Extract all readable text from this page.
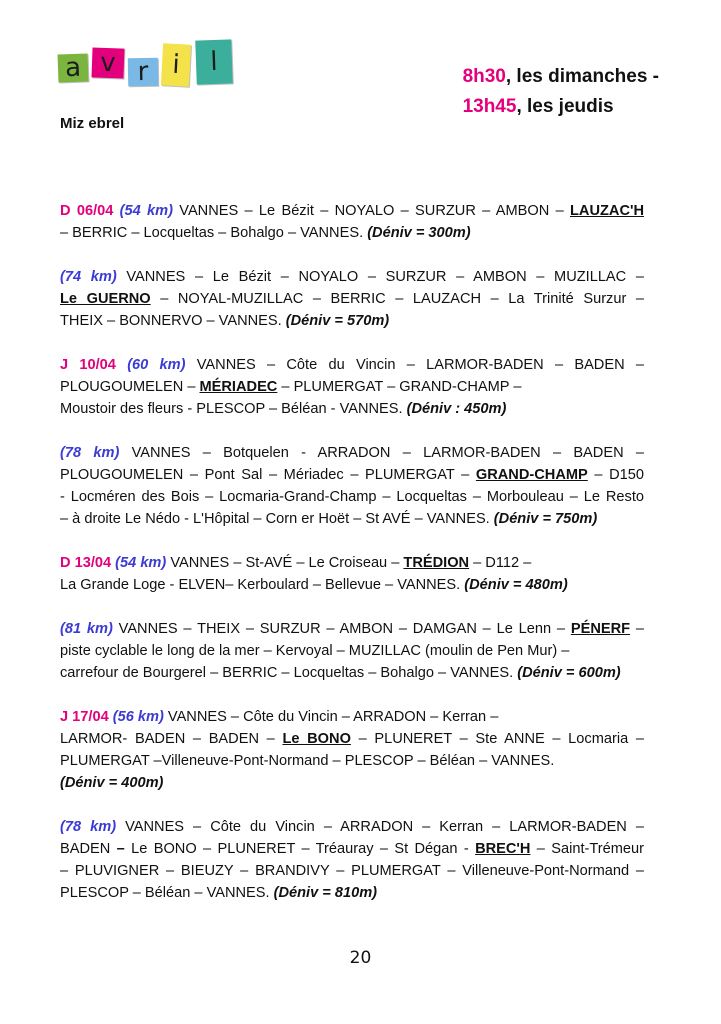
a v r i	l
Miz ebrel
8h30, les dimanches -
13h45, les jeudis
D 06/04 (54 km) VANNES – Le Bézit – NOYALO – SURZUR – AMBON – LAUZAC'H
– BERRIC – Locqueltas – Bohalgo – VANNES. (Déniv = 300m)
(74 km) VANNES – Le Bézit – NOYALO – SURZUR – AMBON – MUZILLAC –
Le GUERNO – NOYAL-MUZILLAC – BERRIC – LAUZACH – La Trinité Surzur –
THEIX – BONNERVO – VANNES. (Déniv = 570m)
J 10/04 (60 km) VANNES – Côte du Vincin – LARMOR-BADEN – BADEN –
PLOUGOUMELEN – MÉRIADEC – PLUMERGAT – GRAND-CHAMP –
Moustoir des fleurs - PLESCOP – Béléan - VANNES. (Déniv : 450m)
(78 km) VANNES – Botquelen - ARRADON – LARMOR-BADEN – BADEN –
PLOUGOUMELEN – Pont Sal – Mériadec – PLUMERGAT – GRAND-CHAMP – D150
- Locméren des Bois – Locmaria-Grand-Champ – Locqueltas – Morbouleau – Le Resto
– à droite Le Nédo - L'Hôpital – Corn er Hoët – St AVÉ – VANNES. (Déniv = 750m)
D 13/04 (54 km) VANNES – St-AVÉ – Le Croiseau – TRÉDION – D112 –
La Grande Loge - ELVEN– Kerboulard – Bellevue – VANNES. (Déniv = 480m)
(81 km) VANNES – THEIX – SURZUR – AMBON – DAMGAN – Le Lenn – PÉNERF –
piste cyclable le long de la mer – Kervoyal – MUZILLAC (moulin de Pen Mur) –
carrefour de Bourgerel – BERRIC – Locqueltas – Bohalgo – VANNES. (Déniv = 600m)
J 17/04 (56 km) VANNES – Côte du Vincin – ARRADON – Kerran –
LARMOR- BADEN – BADEN – Le BONO – PLUNERET – Ste ANNE – Locmaria –
PLUMERGAT –Villeneuve-Pont-Normand – PLESCOP – Béléan – VANNES.
(Déniv = 400m)
(78 km) VANNES – Côte du Vincin – ARRADON – Kerran – LARMOR-BADEN –
BADEN – Le BONO – PLUNERET – Tréauray – St Dégan - BREC'H – Saint-Trémeur
– PLUVIGNER – BIEUZY – BRANDIVY – PLUMERGAT – Villeneuve-Pont-Normand –
PLESCOP – Béléan – VANNES. (Déniv = 810m)
20
